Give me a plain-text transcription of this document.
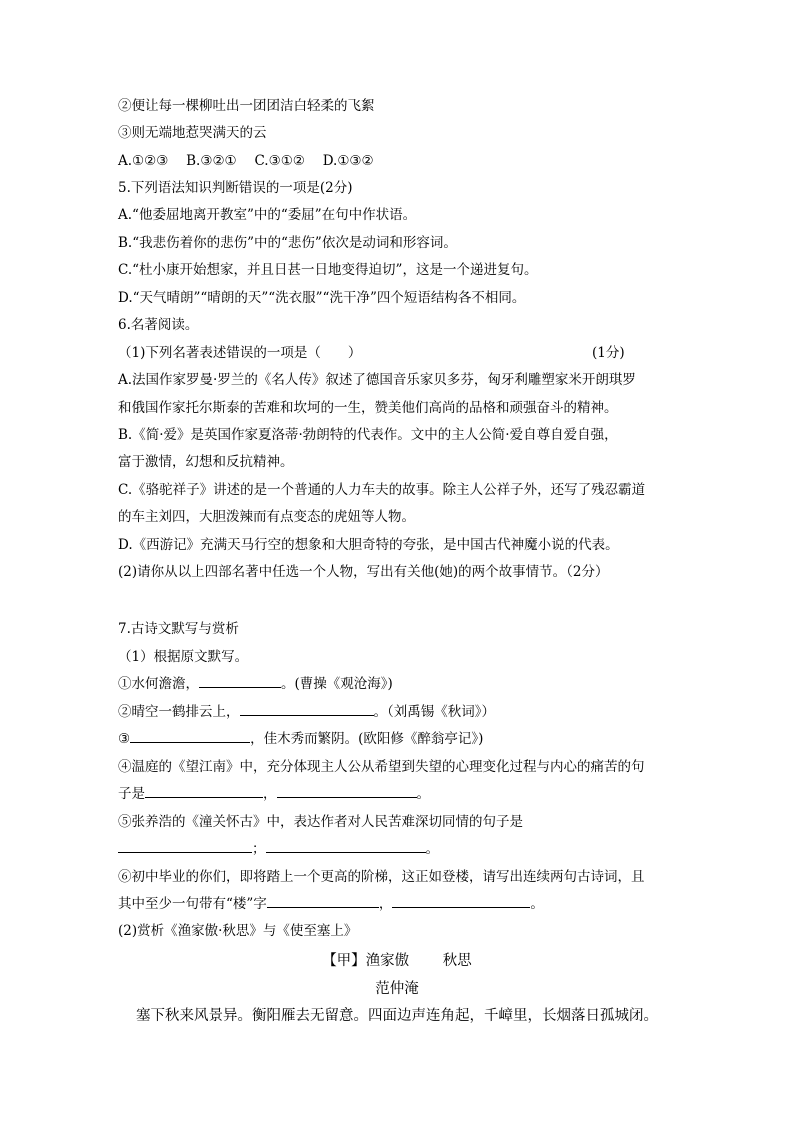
②便让每一棵柳吐出一团团洁白轻柔的飞絮
③则无端地惹哭满天的云
A.①②③　 B.③②①　 C.③①②　 D.①③②
5.下列语法知识判断错误的一项是(2分)
A.“他委屈地离开教室”中的“委屈”在句中作状语。
B.“我悲伤着你的悲伤”中的“悲伤”依次是动词和形容词。
C.“杜小康开始想家，并且日甚一日地变得迫切”，这是一个递进复句。
D.“天气晴朗”“晴朗的天”“洗衣服”“洗干净”四个短语结构各不相同。
6.名著阅读。
（1)下列名著表述错误的一项是（　　）	(1分)
A.法国作家罗曼·罗兰的《名人传》叙述了德国音乐家贝多芬，匈牙利雕塑家米开朗琪罗
和俄国作家托尔斯泰的苦难和坎坷的一生，赞美他们高尚的品格和顽强奋斗的精神。
B.《简·爱》是英国作家夏洛蒂·勃朗特的代表作。文中的主人公简·爱自尊自爱自强，
富于激情，幻想和反抗精神。
C.《骆驼祥子》讲述的是一个普通的人力车夫的故事。除主人公祥子外，还写了残忍霸道
的车主刘四，大胆泼辣而有点变态的虎妞等人物。
D.《西游记》充满天马行空的想象和大胆奇特的夸张，是中国古代神魔小说的代表。
(2)请你从以上四部名著中任选一个人物，写出有关他(她)的两个故事情节。（2分）
7.古诗文默写与赏析
（1）根据原文默写。
①水何澹澹，	。(曹操《观沧海》)
②晴空一鹤排云上，	。（刘禹锡《秋词》）
③	，佳木秀而繁阴。(欧阳修《醉翁亭记》)
④温庭的《望江南》中，充分体现主人公从希望到失望的心理变化过程与内心的痛苦的句
子是	，	。
⑤张养浩的《潼关怀古》中，表达作者对人民苦难深切同情的句子是
；	。
⑥初中毕业的你们，即将踏上一个更高的阶梯，这正如登楼，请写出连续两句古诗词，且
其中至少一句带有“楼”字	，	。
(2)赏析《渔家傲·秋思》与《使至塞上》
【甲】渔家傲　　 秋思
范仲淹
塞下秋来风景异。衡阳雁去无留意。四面边声连角起，千嶂里，长烟落日孤城闭。
